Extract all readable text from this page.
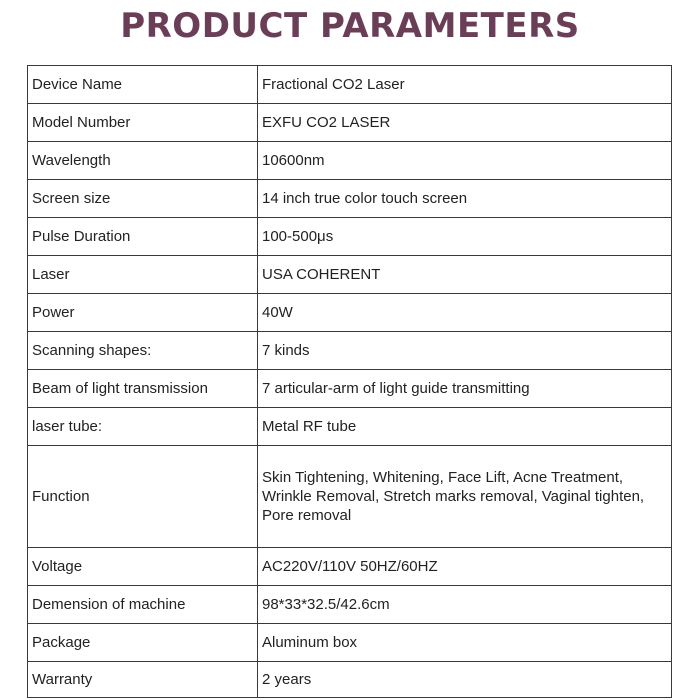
PRODUCT PARAMETERS
Device Name	Fractional CO2 Laser
Model Number	EXFU CO2 LASER
Wavelength	10600nm
Screen size	14 inch true color touch screen
Pulse Duration	100-500μs
Laser	USA COHERENT
Power	40W
Scanning shapes:	7 kinds
Beam of light transmission	7 articular-arm of light guide transmitting
laser tube:	Metal RF tube
Function	Skin Tightening, Whitening, Face Lift, Acne Treatment, Wrinkle Removal, Stretch marks removal, Vaginal tighten, Pore removal
Voltage	AC220V/110V 50HZ/60HZ
Demension of machine	98*33*32.5/42.6cm
Package	Aluminum box
Warranty	2 years
